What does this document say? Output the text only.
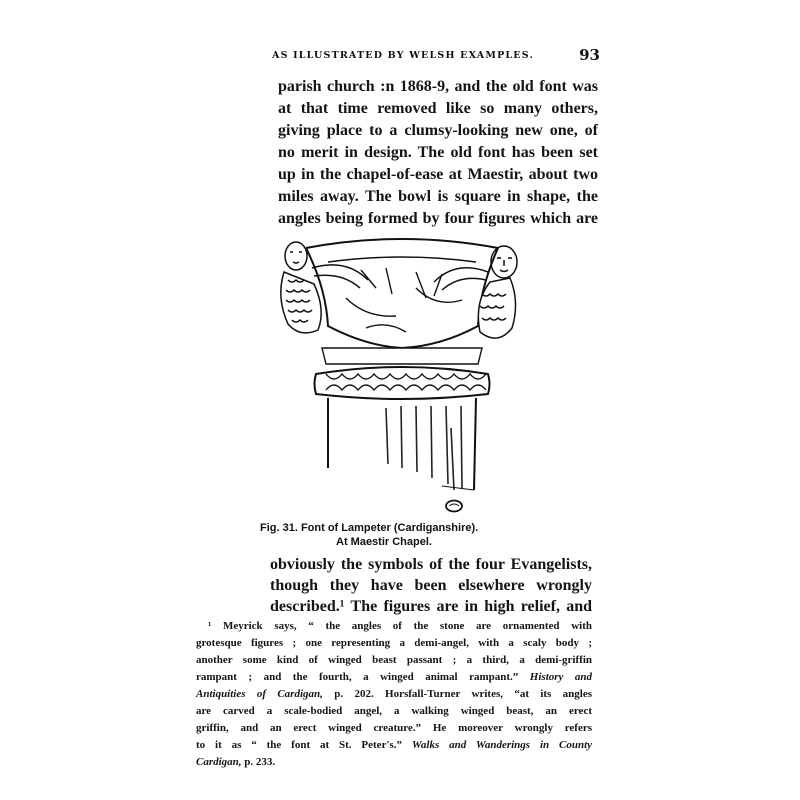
AS ILLUSTRATED BY WELSH EXAMPLES.	93
parish church :n 1868-9, and the old font was
at that time removed like so many others,
giving place to a clumsy-looking new one, of
no merit in design. The old font has been set
up in the chapel-of-ease at Maestir, about two
miles away. The bowl is square in shape, the
angles being formed by four figures which are
Fig. 31. Font of Lampeter (Cardiganshire).
At Maestir Chapel.
obviously the symbols of the four Evangelists,
though they have been elsewhere wrongly
described.¹ The figures are in high relief, and
¹ Meyrick says, “ the angles of the stone are ornamented with
grotesque figures ; one representing a demi-angel, with a scaly body ;
another some kind of winged beast passant ; a third, a demi-griffin
rampant ; and the fourth, a winged animal rampant.” History and
Antiquities of Cardigan, p. 202. Horsfall-Turner writes, “at its angles
are carved a scale-bodied angel, a walking winged beast, an erect
griffin, and an erect winged creature.” He moreover wrongly refers
to it as “ the font at St. Peter's.” Walks and Wanderings in County
Cardigan, p. 233.
